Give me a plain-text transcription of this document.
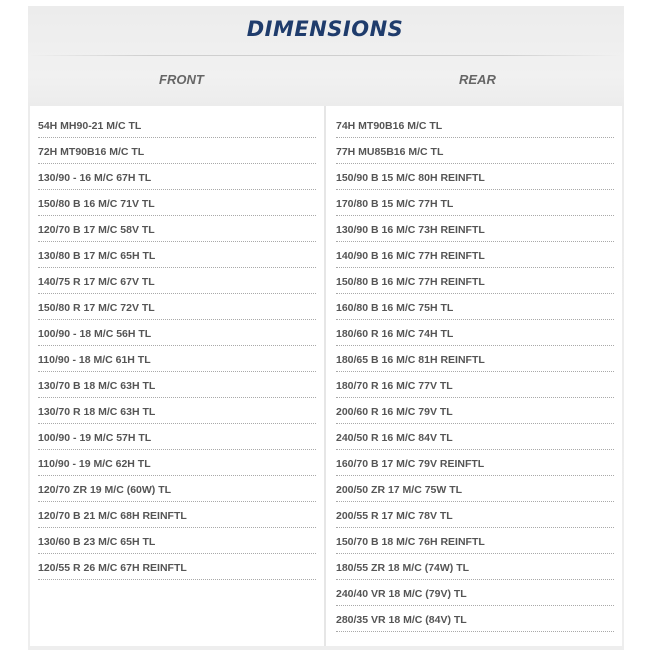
DIMENSIONS
FRONT	REAR
54H MH90-21 M/C TL
72H MT90B16 M/C TL
130/90 - 16 M/C 67H TL
150/80 B 16 M/C 71V TL
120/70 B 17 M/C 58V TL
130/80 B 17 M/C 65H TL
140/75 R 17 M/C 67V TL
150/80 R 17 M/C 72V TL
100/90 - 18 M/C 56H TL
110/90 - 18 M/C 61H TL
130/70 B 18 M/C 63H TL
130/70 R 18 M/C 63H TL
100/90 - 19 M/C 57H TL
110/90 - 19 M/C 62H TL
120/70 ZR 19 M/C (60W) TL
120/70 B 21 M/C 68H REINFTL
130/60 B 23 M/C 65H TL
120/55 R 26 M/C 67H REINFTL
74H MT90B16 M/C TL
77H MU85B16 M/C TL
150/90 B 15 M/C 80H REINFTL
170/80 B 15 M/C 77H TL
130/90 B 16 M/C 73H REINFTL
140/90 B 16 M/C 77H REINFTL
150/80 B 16 M/C 77H REINFTL
160/80 B 16 M/C 75H TL
180/60 R 16 M/C 74H TL
180/65 B 16 M/C 81H REINFTL
180/70 R 16 M/C 77V TL
200/60 R 16 M/C 79V TL
240/50 R 16 M/C 84V TL
160/70 B 17 M/C 79V REINFTL
200/50 ZR 17 M/C 75W TL
200/55 R 17 M/C 78V TL
150/70 B 18 M/C 76H REINFTL
180/55 ZR 18 M/C (74W) TL
240/40 VR 18 M/C (79V) TL
280/35 VR 18 M/C (84V) TL
